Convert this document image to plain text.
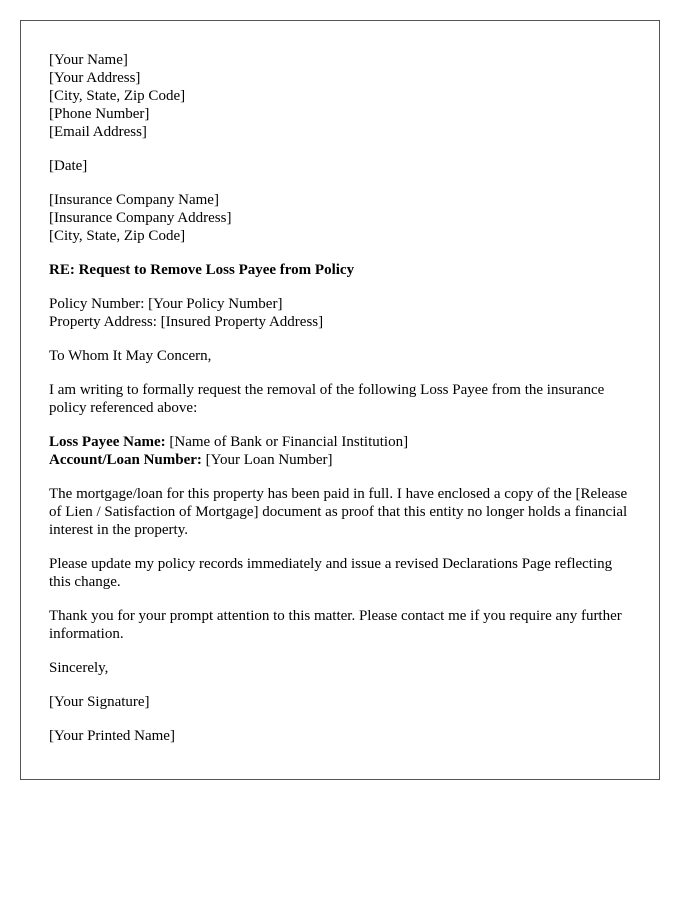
[Your Name]
[Your Address]
[City, State, Zip Code]
[Phone Number]
[Email Address]
[Date]
[Insurance Company Name]
[Insurance Company Address]
[City, State, Zip Code]
RE: Request to Remove Loss Payee from Policy
Policy Number: [Your Policy Number]
Property Address: [Insured Property Address]
To Whom It May Concern,

I am writing to formally request the removal of the following Loss Payee from the insurance policy referenced above:

Loss Payee Name: [Name of Bank or Financial Institution]
Account/Loan Number: [Your Loan Number]

The mortgage/loan for this property has been paid in full. I have enclosed a copy of the [Release of Lien / Satisfaction of Mortgage] document as proof that this entity no longer holds a financial interest in the property.

Please update my policy records immediately and issue a revised Declarations Page reflecting this change.

Thank you for your prompt attention to this matter. Please contact me if you require any further information.

Sincerely,
[Your Signature]
[Your Printed Name]
